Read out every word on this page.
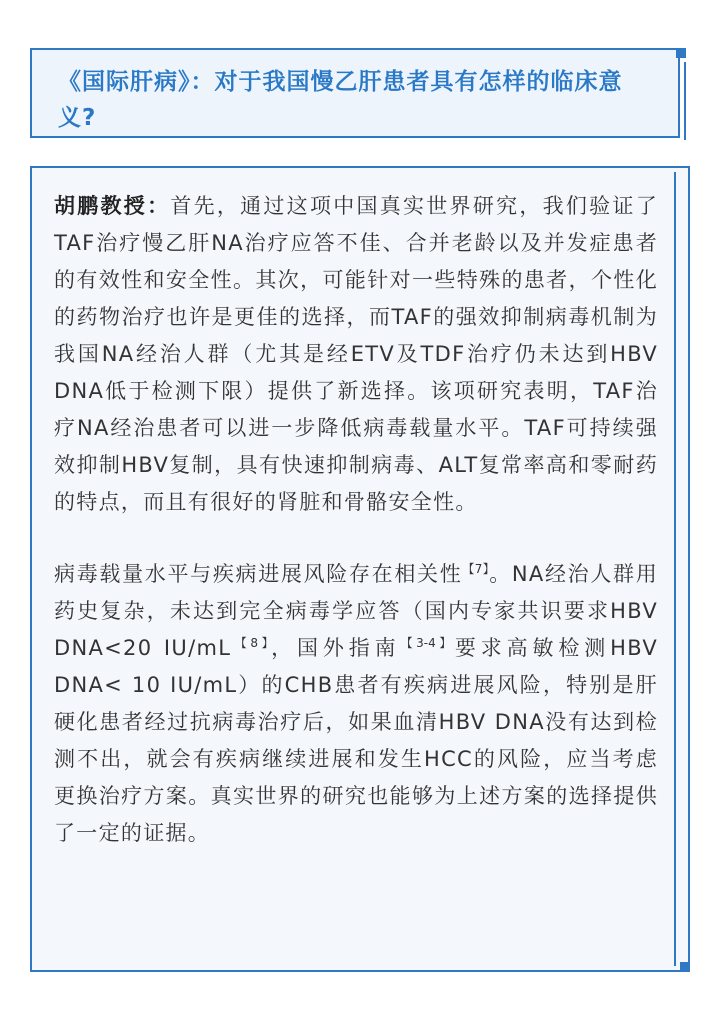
《国际肝病》：对于我国慢乙肝患者具有怎样的临床意义?

胡鹏教授：首先，通过这项中国真实世界研究，我们验证了TAF治疗慢乙肝NA治疗应答不佳、合并老龄以及并发症患者的有效性和安全性。其次，可能针对一些特殊的患者，个性化的药物治疗也许是更佳的选择，而TAF的强效抑制病毒机制为我国NA经治人群（尤其是经ETV及TDF治疗仍未达到HBV DNA低于检测下限）提供了新选择。该项研究表明，TAF治疗NA经治患者可以进一步降低病毒载量水平。TAF可持续强效抑制HBV复制，具有快速抑制病毒、ALT复常率高和零耐药的特点，而且有很好的肾脏和骨骼安全性。

病毒载量水平与疾病进展风险存在相关性$^{【7】}$。NA经治人群用药史复杂，未达到完全病毒学应答（国内专家共识要求HBV DNA<20 $IU/mL^{【8】}$，国外指南$^{【3-4】}$要求高敏检测HBV DNA< 10 IU/mL）的CHB患者有疾病进展风险，特别是肝硬化患者经过抗病毒治疗后，如果血清HBV DNA没有达到检测不出，就会有疾病继续进展和发生HCC的风险，应当考虑更换治疗方案。真实世界的研究也能够为上述方案的选择提供了一定的证据。
